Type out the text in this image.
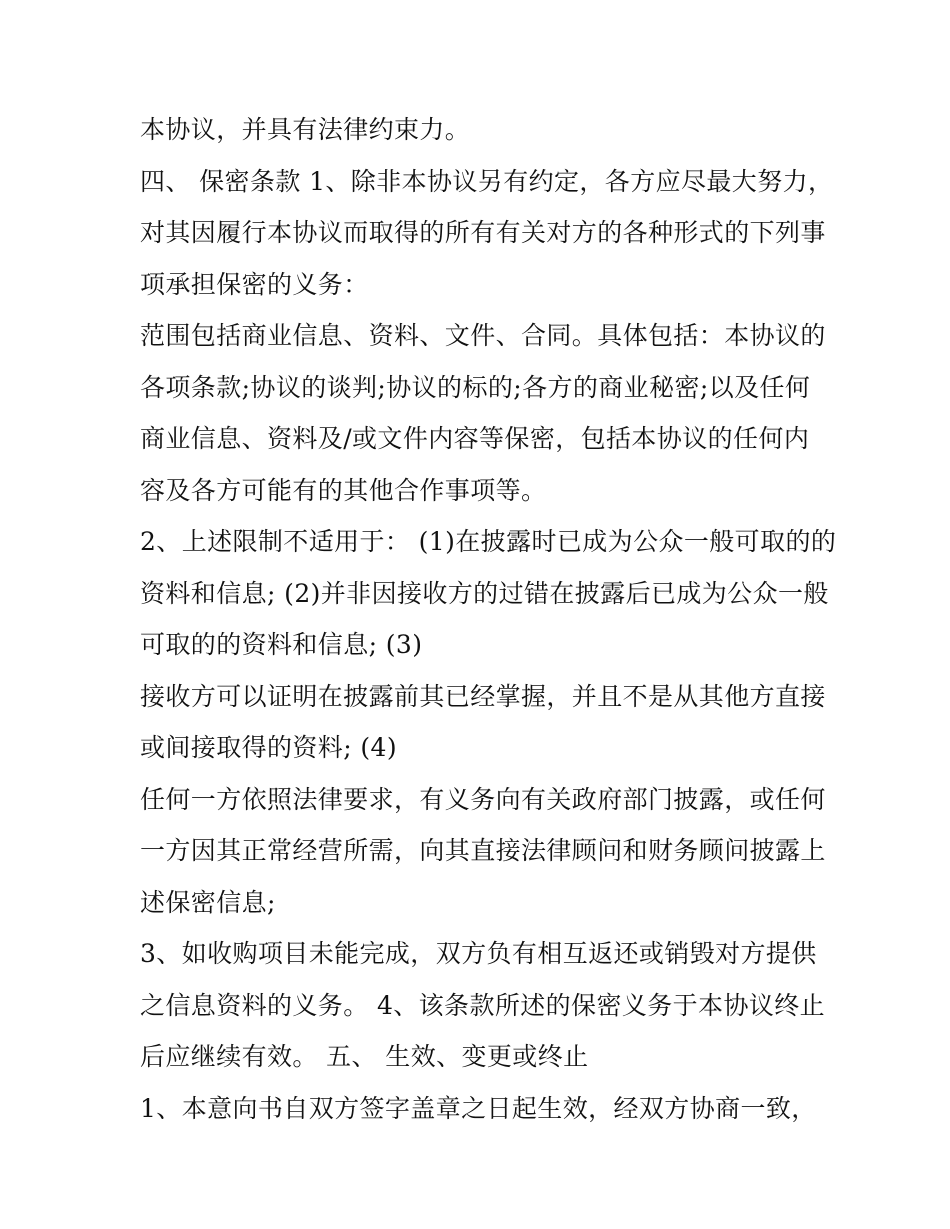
本协议，并具有法律约束力。
四、 保密条款 1、除非本协议另有约定，各方应尽最大努力，
对其因履行本协议而取得的所有有关对方的各种形式的下列事
项承担保密的义务：
范围包括商业信息、资料、文件、合同。具体包括：本协议的
各项条款;协议的谈判;协议的标的;各方的商业秘密;以及任何
商业信息、资料及/或文件内容等保密，包括本协议的任何内
容及各方可能有的其他合作事项等。
2、上述限制不适用于： (1)在披露时已成为公众一般可取的的
资料和信息; (2)并非因接收方的过错在披露后已成为公众一般
可取的的资料和信息; (3)
接收方可以证明在披露前其已经掌握，并且不是从其他方直接
或间接取得的资料; (4)
任何一方依照法律要求，有义务向有关政府部门披露，或任何
一方因其正常经营所需，向其直接法律顾问和财务顾问披露上
述保密信息;
3、如收购项目未能完成，双方负有相互返还或销毁对方提供
之信息资料的义务。 4、该条款所述的保密义务于本协议终止
后应继续有效。 五、 生效、变更或终止
1、本意向书自双方签字盖章之日起生效，经双方协商一致，
